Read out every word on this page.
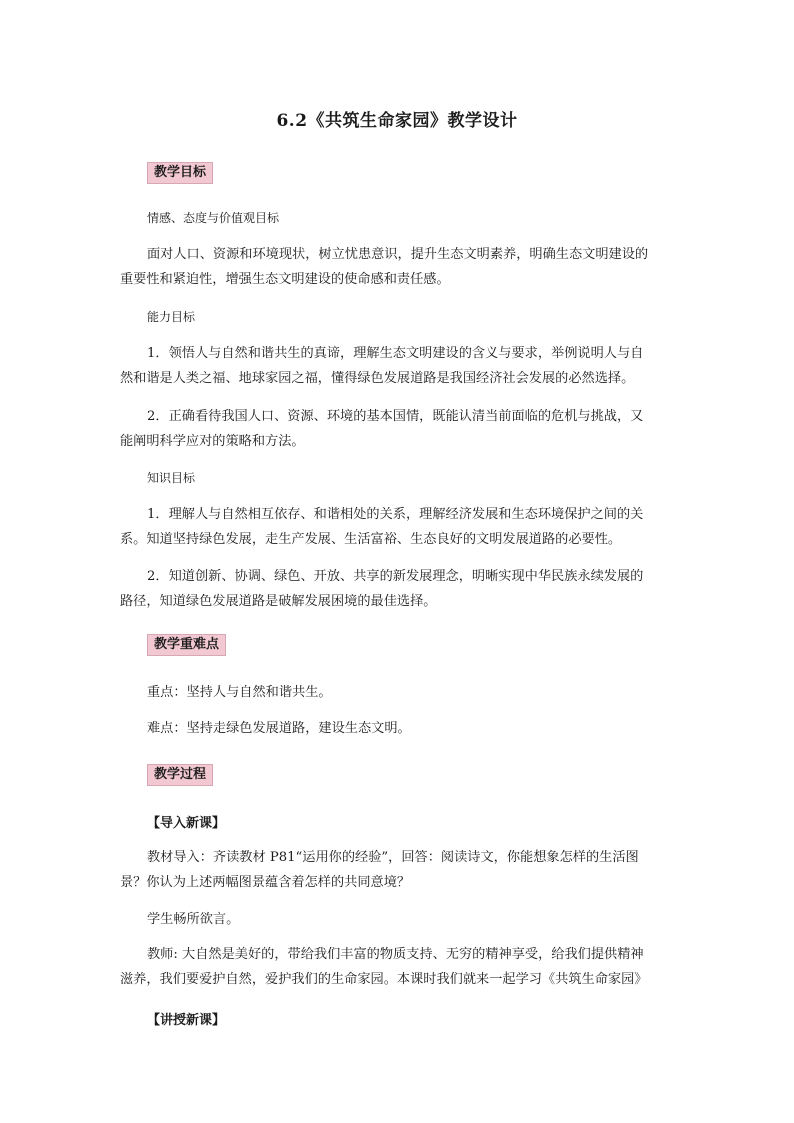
6.2《共筑生命家园》教学设计
教学目标
情感、态度与价值观目标

面对人口、资源和环境现状，树立忧患意识，提升生态文明素养，明确生态文明建设的
重要性和紧迫性，增强生态文明建设的使命感和责任感。

能力目标

1．领悟人与自然和谐共生的真谛，理解生态文明建设的含义与要求，举例说明人与自
然和谐是人类之福、地球家园之福，懂得绿色发展道路是我国经济社会发展的必然选择。

2．正确看待我国人口、资源、环境的基本国情，既能认清当前面临的危机与挑战，又
能阐明科学应对的策略和方法。

知识目标

1．理解人与自然相互依存、和谐相处的关系，理解经济发展和生态环境保护之间的关
系。知道坚持绿色发展，走生产发展、生活富裕、生态良好的文明发展道路的必要性。

2．知道创新、协调、绿色、开放、共享的新发展理念，明晰实现中华民族永续发展的
路径，知道绿色发展道路是破解发展困境的最佳选择。

教学重难点

重点：坚持人与自然和谐共生。

难点：坚持走绿色发展道路，建设生态文明。

教学过程
【导入新课】

教材导入：齐读教材 P81“运用你的经验”，回答：阅读诗文，你能想象怎样的生活图
景？你认为上述两幅图景蕴含着怎样的共同意境？

学生畅所欲言。

教师: 大自然是美好的，带给我们丰富的物质支持、无穷的精神享受，给我们提供精神
滋养，我们要爱护自然，爱护我们的生命家园。本课时我们就来一起学习《共筑生命家园》

【讲授新课】
